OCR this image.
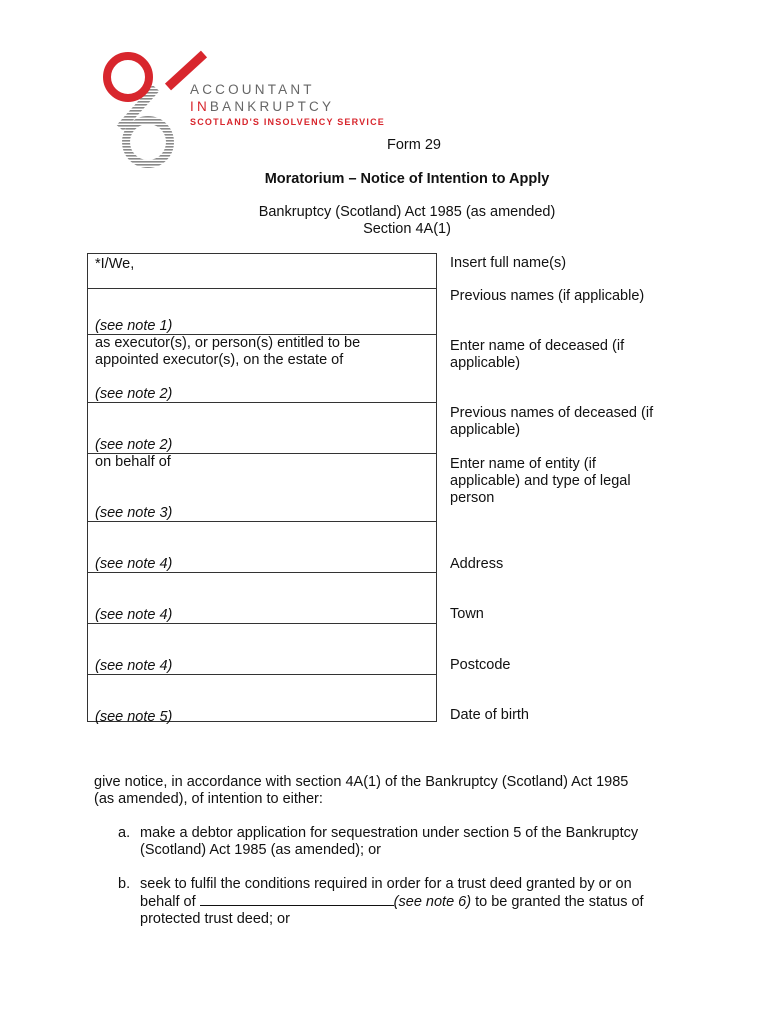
ACCOUNTANT
INBANKRUPTCY
SCOTLAND'S INSOLVENCY SERVICE
Form 29
Moratorium – Notice of Intention to Apply
Bankruptcy (Scotland) Act 1985 (as amended)
Section 4A(1)
*I/We,
(see note 1)
as executor(s), or person(s) entitled to be
appointed executor(s), on the estate of
(see note 2)
(see note 2)
on behalf of
(see note 3)
(see note 4)
(see note 4)
(see note 4)
(see note 5)
Insert full name(s)
Previous names (if applicable)
Enter name of deceased (if
applicable)
Previous names of deceased (if
applicable)
Enter name of entity (if
applicable) and type of legal
person
Address
Town
Postcode
Date of birth
give notice, in accordance with section 4A(1) of the Bankruptcy (Scotland) Act 1985
(as amended), of intention to either:
a. make a debtor application for sequestration under section 5 of the Bankruptcy
(Scotland) Act 1985 (as amended); or
b. seek to fulfil the conditions required in order for a trust deed granted by or on
behalf of	(see note 6) to be granted the status of
protected trust deed; or
